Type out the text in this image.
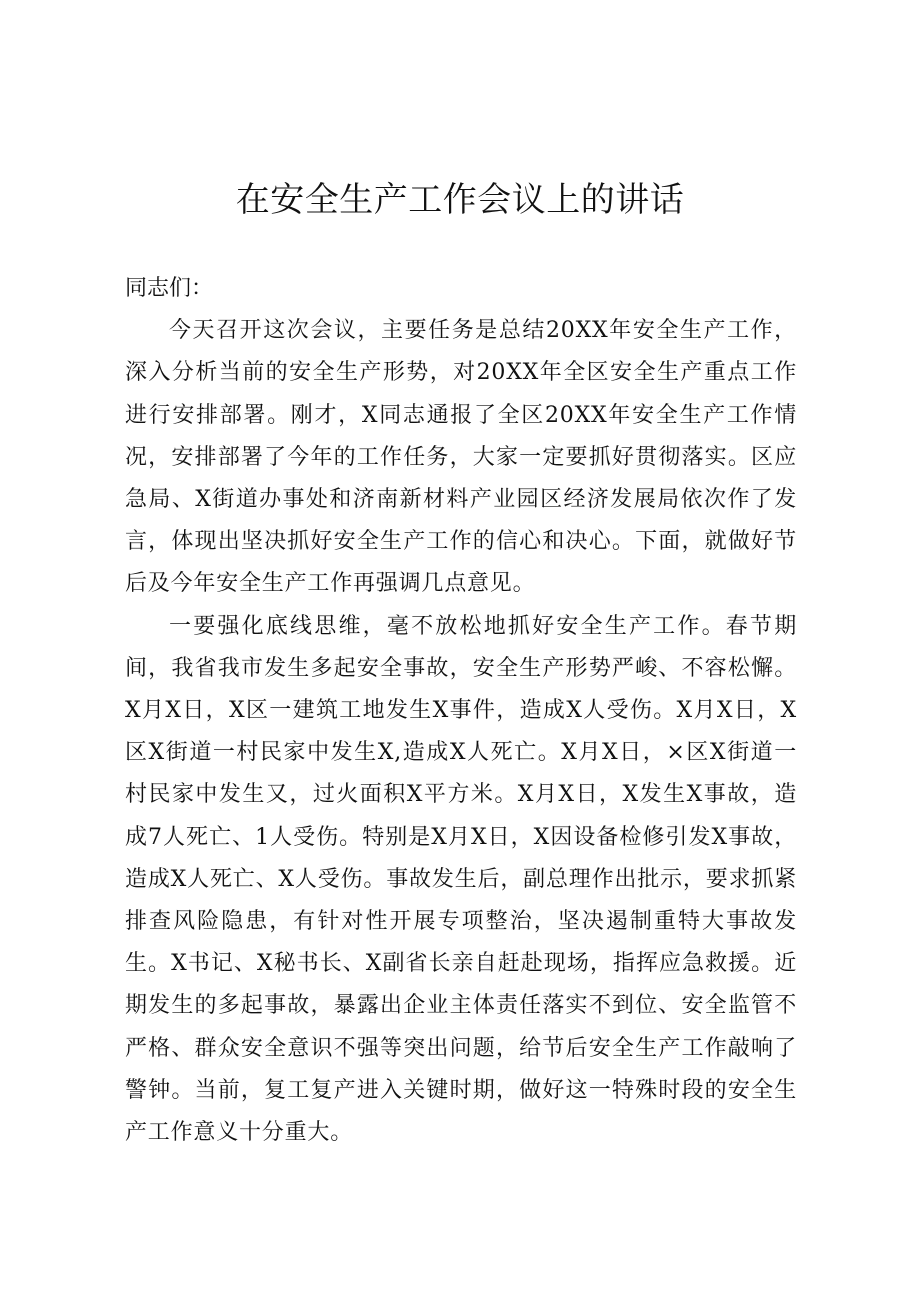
在安全生产工作会议上的讲话

同志们：

今天召开这次会议，主要任务是总结20XX年安全生产工作，深入分析当前的安全生产形势，对20XX年全区安全生产重点工作进行安排部署。刚才，X同志通报了全区20XX年安全生产工作情况，安排部署了今年的工作任务，大家一定要抓好贯彻落实。区应急局、X街道办事处和济南新材料产业园区经济发展局依次作了发言，体现出坚决抓好安全生产工作的信心和决心。下面，就做好节后及今年安全生产工作再强调几点意见。

一要强化底线思维，毫不放松地抓好安全生产工作。春节期间，我省我市发生多起安全事故，安全生产形势严峻、不容松懈。X月X日，X区一建筑工地发生X事件，造成X人受伤。X月X日，X区X街道一村民家中发生X,造成X人死亡。X月X日，×区X街道一村民家中发生又，过火面积X平方米。X月X日，X发生X事故，造成7人死亡、1人受伤。特别是X月X日，X因设备检修引发X事故，造成X人死亡、X人受伤。事故发生后，副总理作出批示，要求抓紧排查风险隐患，有针对性开展专项整治，坚决遏制重特大事故发生。X书记、X秘书长、X副省长亲自赶赴现场，指挥应急救援。近期发生的多起事故，暴露出企业主体责任落实不到位、安全监管不严格、群众安全意识不强等突出问题，给节后安全生产工作敲响了警钟。当前，复工复产进入关键时期，做好这一特殊时段的安全生产工作意义十分重大。
